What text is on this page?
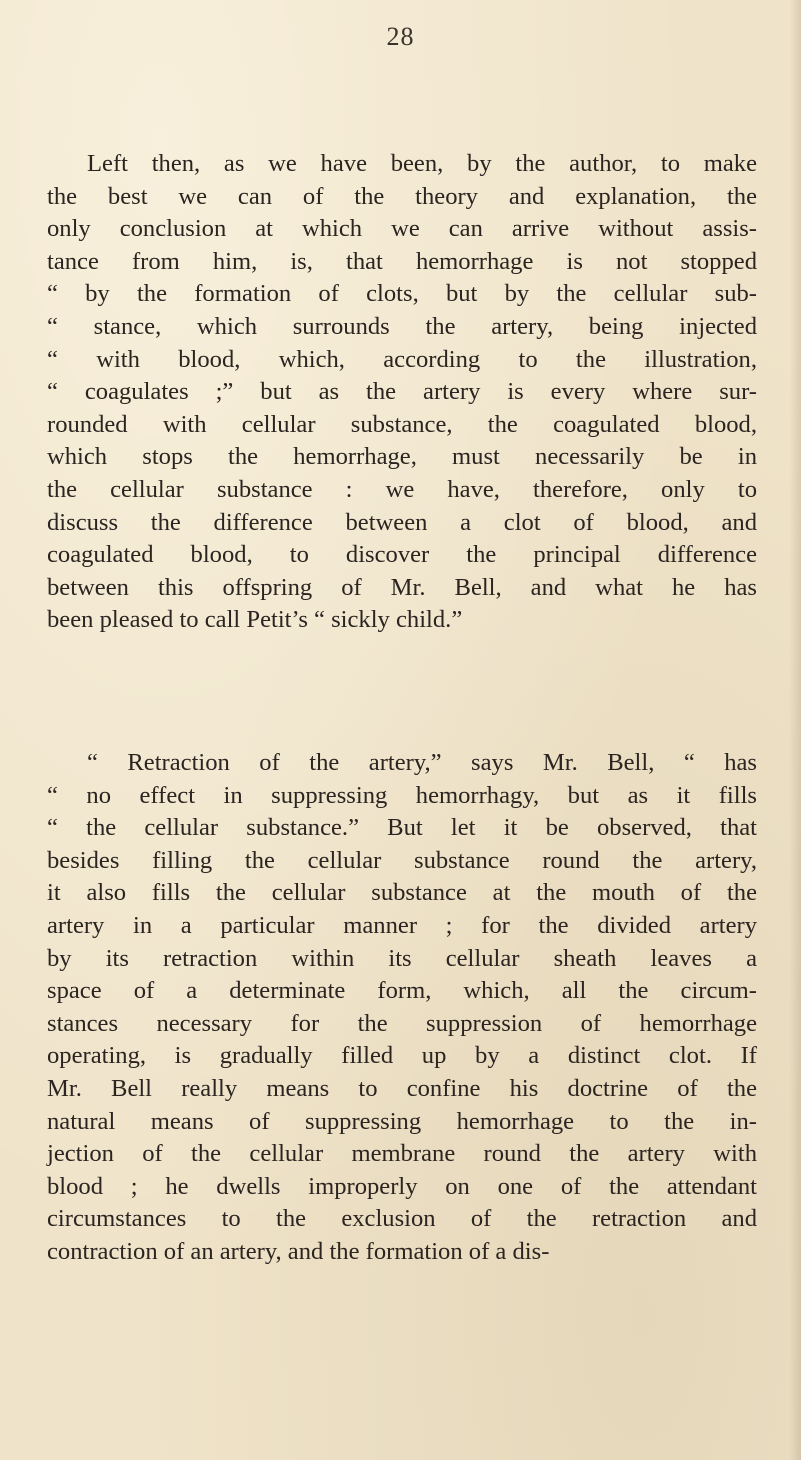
28
Left then, as we have been, by the author, to make
the best we can of the theory and explanation, the
only conclusion at which we can arrive without assis-
tance from him, is, that hemorrhage is not stopped
“ by the formation of clots, but by the cellular sub-
“ stance, which surrounds the artery, being injected
“ with blood, which, according to the illustration,
“ coagulates ;” but as the artery is every where sur-
rounded with cellular substance, the coagulated blood,
which stops the hemorrhage, must necessarily be in
the cellular substance : we have, therefore, only to
discuss the difference between a clot of blood, and
coagulated blood, to discover the principal difference
between this offspring of Mr. Bell, and what he has
been pleased to call Petit’s “ sickly child.”
“ Retraction of the artery,” says Mr. Bell, “ has
“ no effect in suppressing hemorrhagy, but as it fills
“ the cellular substance.” But let it be observed, that
besides filling the cellular substance round the artery,
it also fills the cellular substance at the mouth of the
artery in a particular manner ; for the divided artery
by its retraction within its cellular sheath leaves a
space of a determinate form, which, all the circum-
stances necessary for the suppression of hemorrhage
operating, is gradually filled up by a distinct clot. If
Mr. Bell really means to confine his doctrine of the
natural means of suppressing hemorrhage to the in-
jection of the cellular membrane round the artery with
blood ; he dwells improperly on one of the attendant
circumstances to the exclusion of the retraction and
contraction of an artery, and the formation of a dis-
